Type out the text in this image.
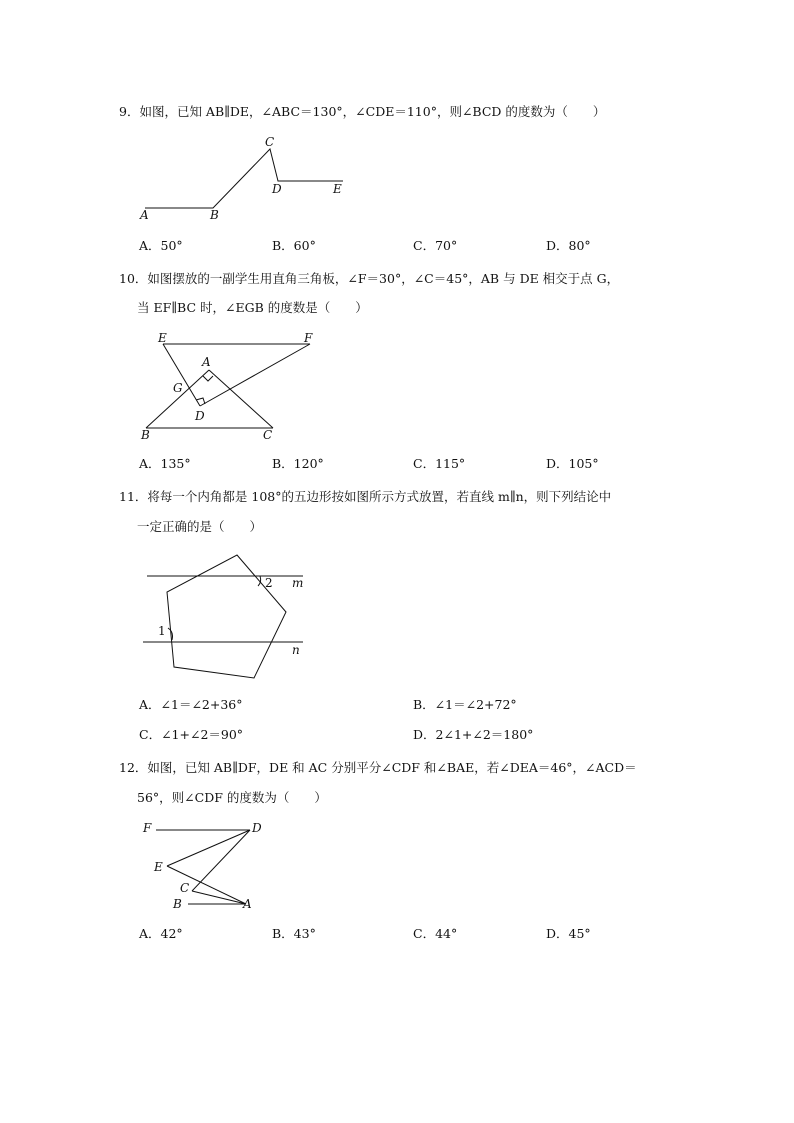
9．如图，已知 AB∥DE，∠ABC＝130°，∠CDE＝110°，则∠BCD 的度数为（　　）
A	B
C
D	E
A．50°	B．60°	C．70°	D．80°
10．如图摆放的一副学生用直角三角板，∠F＝30°，∠C＝45°，AB 与 DE 相交于点 G，
当 EF∥BC 时，∠EGB 的度数是（　　）
E	F
A
G
D
B	C
A．135°	B．120°	C．115°	D．105°
11．将每一个内角都是 108°的五边形按如图所示方式放置，若直线 m∥n，则下列结论中
一定正确的是（　　）
1
2 m
n
A．∠1＝∠2+36°	B．∠1＝∠2+72°
C．∠1+∠2＝90°	D．2∠1+∠2＝180°
12．如图，已知 AB∥DF，DE 和 AC 分别平分∠CDF 和∠BAE，若∠DEA＝46°，∠ACD＝
56°，则∠CDF 的度数为（　　）
F	D
E
C
B	A
A．42°	B．43°	C．44°	D．45°
